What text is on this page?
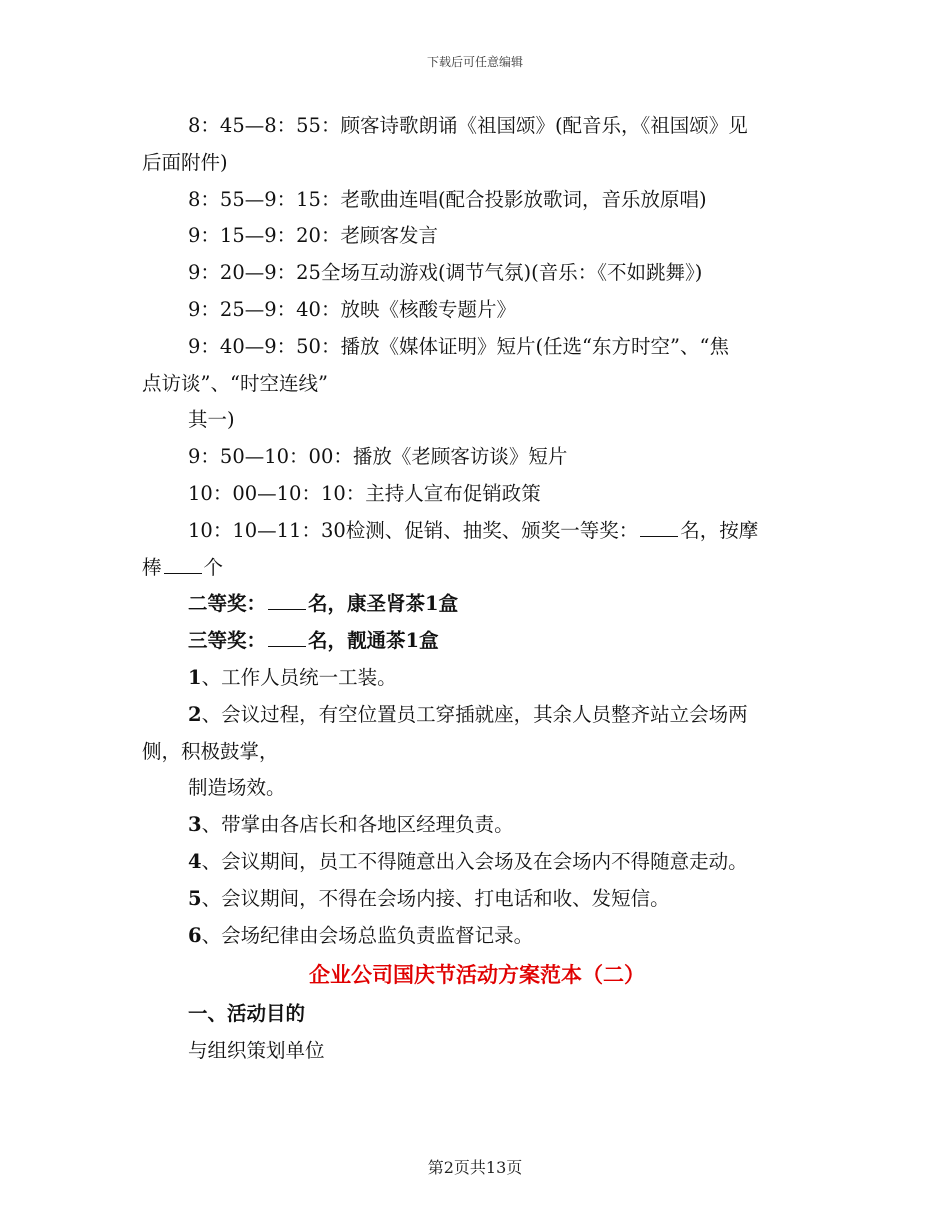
下载后可任意编辑
8：45—8：55：顾客诗歌朗诵《祖国颂》(配音乐，《祖国颂》见
后面附件)
8：55—9：15：老歌曲连唱(配合投影放歌词，音乐放原唱)
9：15—9：20：老顾客发言
9：20—9：25全场互动游戏(调节气氛)(音乐：《不如跳舞》)
9：25—9：40：放映《核酸专题片》
9：40—9：50：播放《媒体证明》短片(任选“东方时空”、“焦
点访谈”、“时空连线”
其一)
9：50—10：00：播放《老顾客访谈》短片
10：00—10：10：主持人宣布促销政策
10：10—11：30检测、促销、抽奖、颁奖一等奖： 名，按摩
棒 个
二等奖： 名，康圣肾茶1盒
三等奖： 名，靓通茶1盒
1、工作人员统一工装。
2、会议过程，有空位置员工穿插就座，其余人员整齐站立会场两
侧，积极鼓掌，
制造场效。
3、带掌由各店长和各地区经理负责。
4、会议期间，员工不得随意出入会场及在会场内不得随意走动。
5、会议期间，不得在会场内接、打电话和收、发短信。
6、会场纪律由会场总监负责监督记录。
企业公司国庆节活动方案范本（二）
一、活动目的
与组织策划单位
第2页共13页
